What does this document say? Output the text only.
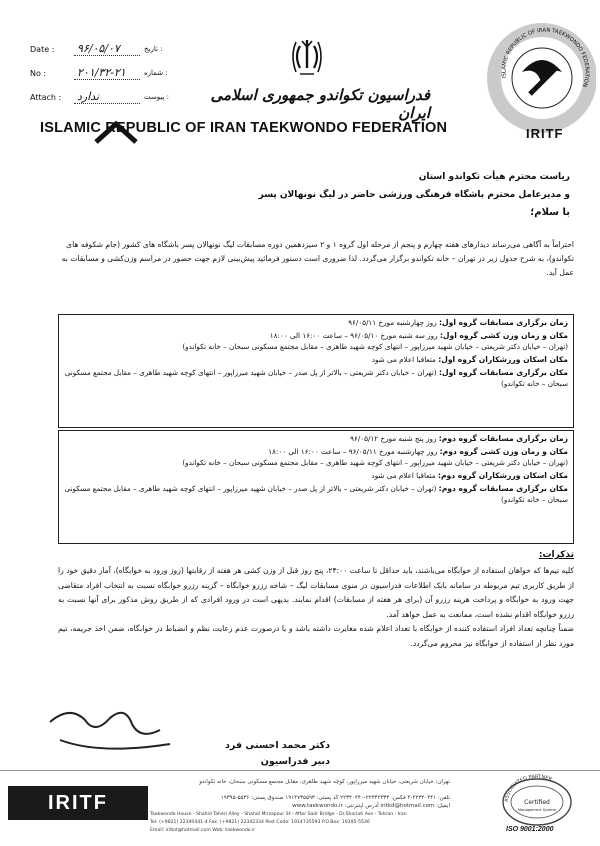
Date :	۹۶/۰۵/۰۷	تاریخ :
No :	۲۰۱/۳۲-۲۱	شماره :
Attach :	ندارد	پیوست :	فدراسیون تکواندو جمهوری اسلامی ایران
ISLAMIC REPUBLIC OF IRAN TAEKWONDO FEDERATION
ISLAMIC REPUBLIC OF IRAN TAEKWONDO FEDERATION
IRITF
ریاست محترم هیأت تکواندو استان
و مدیرعامل محترم باشگاه فرهنگی ورزشی حاضر در لیگ نونهالان پسر
با سلام؛
احتراماً به آگاهی می‌رساند دیدارهای هفته چهارم و پنجم از مرحله اول گروه ۱ و ۲ سیزدهمین دوره مسابقات لیگ نونهالان پسر باشگاه های کشور (جام شکوفه های تکواندو)، به شرح جدول زیر در تهران – خانه تکواندو برگزار می‌گردد. لذا ضروری است دستور فرمائید پیش‌بینی لازم جهت حضور در مراسم وزن‌کشی و مسابقات به عمل آید.
زمان برگزاری مسابقات گروه اول: روز چهارشنبه مورخ ۹۶/۰۵/۱۱
مکان و زمان وزن کشی گروه اول: روز سه شنبه مورخ ۹۶/۰۵/۱۰ – ساعت ۱۶:۰۰ الی ۱۸:۰۰
(تهران – خیابان دکتر شریعتی – خیابان شهید میرزاپور – انتهای کوچه شهید طاهری – مقابل مجتمع مسکونی سبحان – خانه تکواندو)
مکان اسکان ورزشکاران گروه اول: متعاقبا اعلام می شود
مکان برگزاری مسابقات گروه اول: (تهران – خیابان دکتر شریعتی – بالاتر از پل صدر – خیابان شهید میرزاپور – انتهای کوچه شهید طاهری – مقابل مجتمع مسکونی سبحان – خانه تکواندو)
زمان برگزاری مسابقات گروه دوم: روز پنج شنبه مورخ ۹۶/۰۵/۱۲
مکان و زمان وزن کشی گروه دوم: روز چهارشنبه مورخ ۹۶/۰۵/۱۱ – ساعت ۱۶:۰۰ الی ۱۸:۰۰
(تهران – خیابان دکتر شریعتی – خیابان شهید میرزاپور – انتهای کوچه شهید طاهری – مقابل مجتمع مسکونی سبحان – خانه تکواندو)
مکان اسکان ورزشکاران گروه دوم: متعاقبا اعلام می شود
مکان برگزاری مسابقات گروه دوم: (تهران – خیابان دکتر شریعتی – بالاتر از پل صدر – خیابان شهید میرزاپور – انتهای کوچه شهید طاهری – مقابل مجتمع مسکونی سبحان – خانه تکواندو)
تذکرات:
کلیه تیم‌ها که خواهان استفاده از خوابگاه می‌باشند، باید حداقل تا ساعت ۲۴:۰۰، پنج روز قبل از وزن کشی هر هفته از رقابتها (روز ورود به خوابگاه)، آمار دقیق خود را از طریق کاربری تیم مربوطه در سامانه بانک اطلاعات فدراسیون در منوی مسابقات لیگ – شاخه رزرو خوابگاه – گزینه رزرو خوابگاه نسبت به انتخاب افراد متقاضی جهت ورود به خوابگاه و پرداخت هزینه رزرو آن (برای هر هفته از مسابقات) اقدام نمایند. بدیهی است در ورود افرادی که از طریق روش مذکور برای آنها نسبت به رزرو خوابگاه اقدام نشده است، ممانعت به عمل خواهد آمد.
ضمناً چنانچه تعداد افراد استفاده کننده از خوابگاه با تعداد اعلام شده مغایرت داشته باشد و یا درصورت عدم رعایت نظم و انضباط در خوابگاه، ضمن اخذ جریمه، تیم مورد نظر از استفاده از خوابگاه نیز محروم می‌گردد.
دکتر محمد احسنی فرد
دبیر فدراسیون
IRITF
تهران: خیابان شریعتی، خیابان شهید میرزاپور، کوچه شهید طاهری، مقابل مجتمع مسکونی سبحان، خانه تکواندو
تلفن: ۲۲۳۴۰۴۴۱-۴ فکس: ۲۲۳۴۲۳۳۴-۲۲۳۴۰۴۴۰ کد پستی: ۱۹۱۴۷۳۵۵۹۳ صندوق پستی: ۵۵۳۶-۱۹۳۹۵
ایمیل: iritkd@hotmail.com آدرس اینترنتی: www.taekwondo.ir
Taekwondo House - Shahid Taheri Alley - Shahid Mirzapour St - After Sadr Bridge - Dr.Shariati Ave - Tehran - Iran
Tel: (+9821) 22340441-4 Fax: (+9821) 22342334 Post Code: 1914735593 P.O.Box: 19395-5536
Email: iritkd@hotmail.com Web: taekwondo.ir
ASSOCIATED PARTNER
Certified
Management System
ISO 9001:2000
